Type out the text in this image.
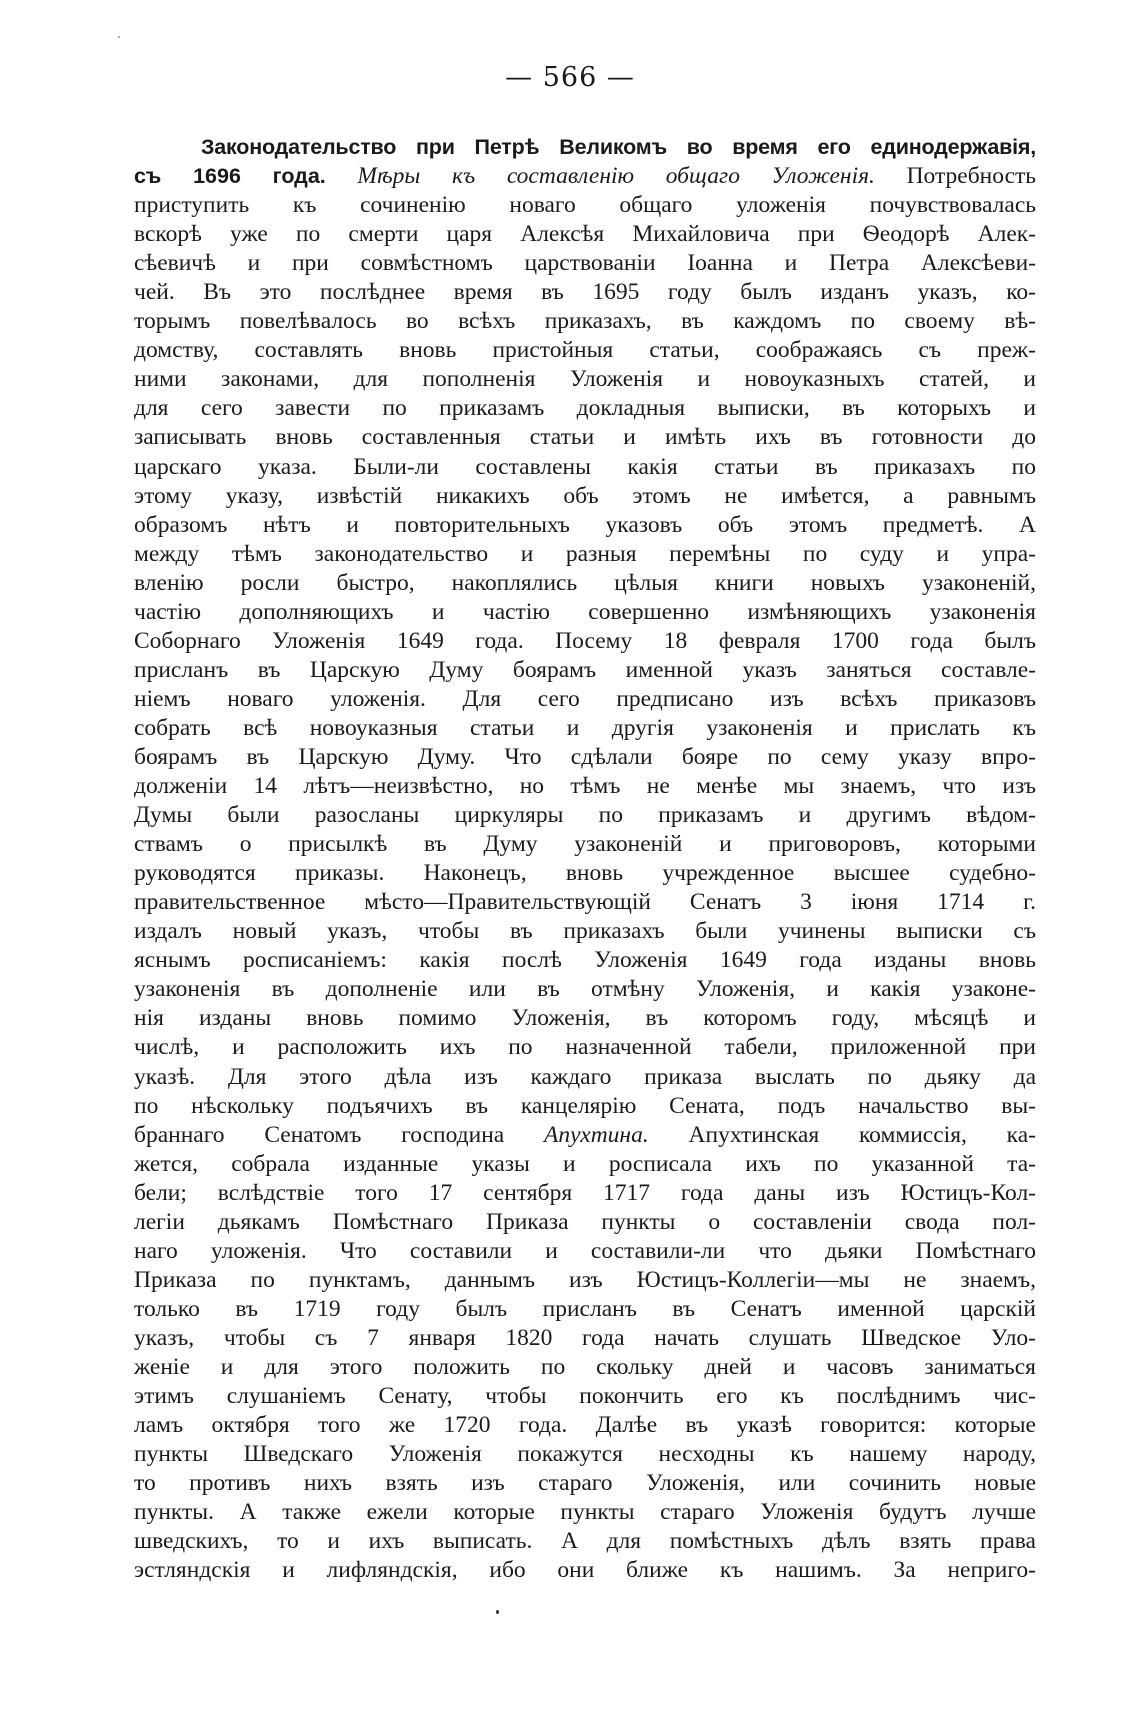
— 566 —
Законодательство при Петрѣ Великомъ во время его единодержавія,
съ 1696 года. Мѣры къ составленію общаго Уложенія. Потребность
приступить къ сочиненію новаго общаго уложенія почувствовалась
вскорѣ уже по смерти царя Алексѣя Михайловича при Ѳеодорѣ Алек-
сѣевичѣ и при совмѣстномъ царствованіи Іоанна и Петра Алексѣеви-
чей. Въ это послѣднее время въ 1695 году былъ изданъ указъ, ко-
торымъ повелѣвалось во всѣхъ приказахъ, въ каждомъ по своему вѣ-
домству, составлять вновь пристойныя статьи, соображаясь съ преж-
ними законами, для пополненія Уложенія и новоуказныхъ статей, и
для сего завести по приказамъ докладныя выписки, въ которыхъ и
записывать вновь составленныя статьи и имѣть ихъ въ готовности до
царскаго указа. Были-ли составлены какія статьи въ приказахъ по
этому указу, извѣстій никакихъ объ этомъ не имѣется, а равнымъ
образомъ нѣтъ и повторительныхъ указовъ объ этомъ предметѣ. А
между тѣмъ законодательство и разныя перемѣны по суду и упра-
вленію росли быстро, накоплялись цѣлыя книги новыхъ узаконеній,
частію дополняющихъ и частію совершенно измѣняющихъ узаконенія
Соборнаго Уложенія 1649 года. Посему 18 февраля 1700 года былъ
присланъ въ Царскую Думу боярамъ именной указъ заняться составле-
ніемъ новаго уложенія. Для сего предписано изъ всѣхъ приказовъ
собрать всѣ новоуказныя статьи и другія узаконенія и прислать къ
боярамъ въ Царскую Думу. Что сдѣлали бояре по сему указу впро-
долженіи 14 лѣтъ—неизвѣстно, но тѣмъ не менѣе мы знаемъ, что изъ
Думы были разосланы циркуляры по приказамъ и другимъ вѣдом-
ствамъ о присылкѣ въ Думу узаконеній и приговоровъ, которыми
руководятся приказы. Наконецъ, вновь учрежденное высшее судебно-
правительственное мѣсто—Правительствующій Сенатъ 3 іюня 1714 г.
издалъ новый указъ, чтобы въ приказахъ были учинены выписки съ
яснымъ росписаніемъ: какія послѣ Уложенія 1649 года изданы вновь
узаконенія въ дополненіе или въ отмѣну Уложенія, и какія узаконе-
нія изданы вновь помимо Уложенія, въ которомъ году, мѣсяцѣ и
числѣ, и расположить ихъ по назначенной табели, приложенной при
указѣ. Для этого дѣла изъ каждаго приказа выслать по дьяку да
по нѣскольку подъячихъ въ канцелярію Сената, подъ начальство вы-
браннаго Сенатомъ господина Апухтина. Апухтинская коммиссія, ка-
жется, собрала изданные указы и росписала ихъ по указанной та-
бели; вслѣдствіе того 17 сентября 1717 года даны изъ Юстицъ-Кол-
легіи дьякамъ Помѣстнаго Приказа пункты о составленіи свода пол-
наго уложенія. Что составили и составили-ли что дьяки Помѣстнаго
Приказа по пунктамъ, даннымъ изъ Юстицъ-Коллегіи—мы не знаемъ,
только въ 1719 году былъ присланъ въ Сенатъ именной царскій
указъ, чтобы съ 7 января 1820 года начать слушать Шведское Уло-
женіе и для этого положить по скольку дней и часовъ заниматься
этимъ слушаніемъ Сенату, чтобы покончить его къ послѣднимъ чис-
ламъ октября того же 1720 года. Далѣе въ указѣ говорится: которые
пункты Шведскаго Уложенія покажутся несходны къ нашему народу,
то противъ нихъ взять изъ стараго Уложенія, или сочинить новые
пункты. А также ежели которые пункты стараго Уложенія будутъ лучше
шведскихъ, то и ихъ выписать. А для помѣстныхъ дѣлъ взять права
эстляндскія и лифляндскія, ибо они ближе къ нашимъ. За неприго-
